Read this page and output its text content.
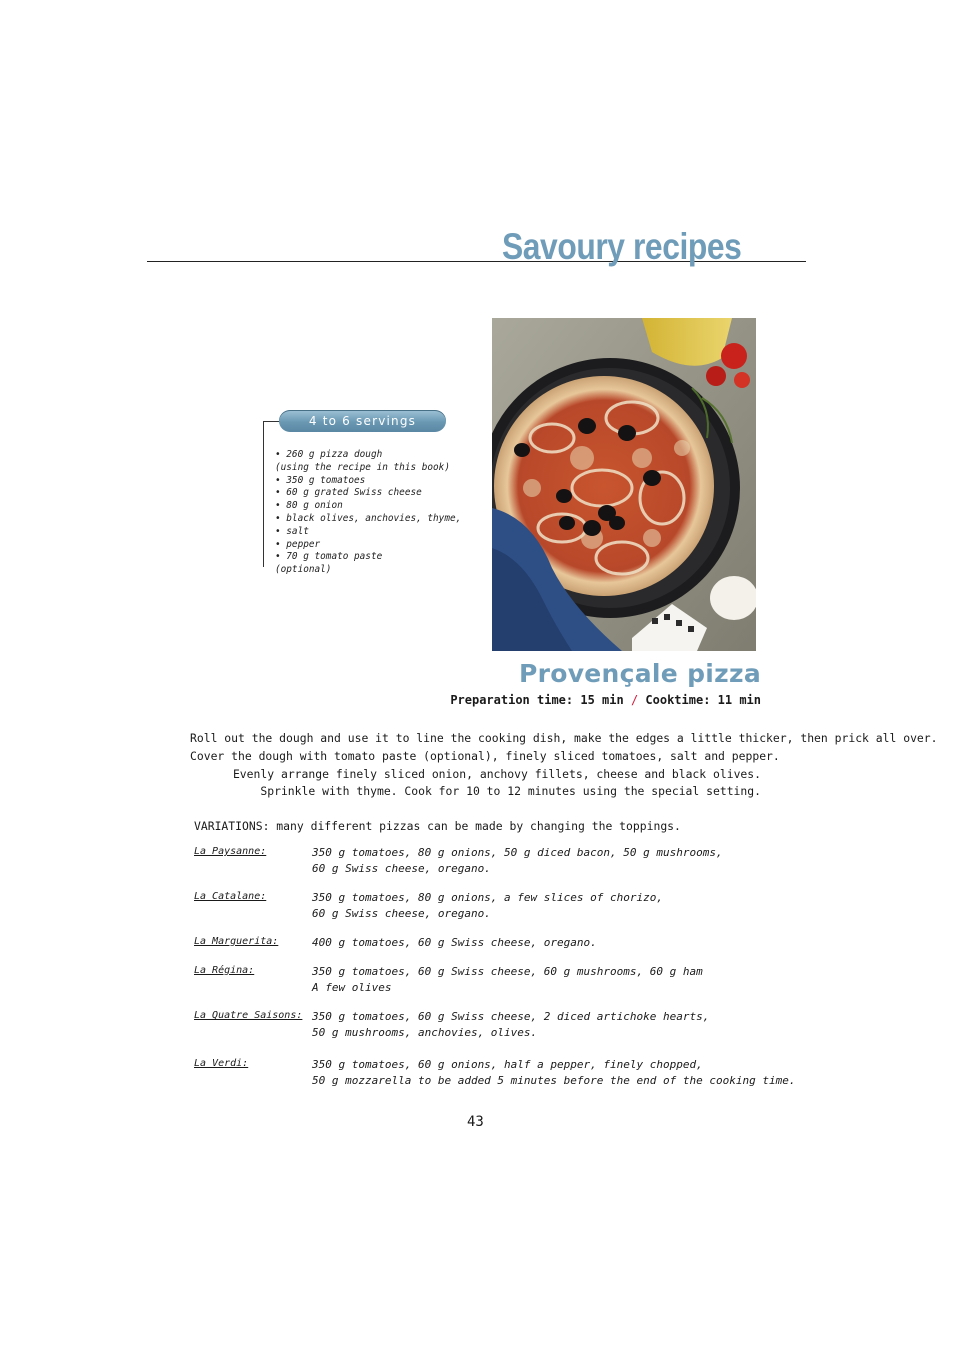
Savoury recipes
4 to 6 servings
• 260 g pizza dough
(using the recipe in this book)
• 350 g tomatoes
• 60 g grated Swiss cheese
• 80 g onion
• black olives, anchovies, thyme,
• salt
• pepper
• 70 g tomato paste
(optional)
Provençale pizza
Preparation time: 15 min / Cooktime: 11 min
Roll out the dough and use it to line the cooking dish, make the edges a little thicker, then prick all over.
Cover the dough with tomato paste (optional), finely sliced tomatoes, salt and pepper.
Evenly arrange finely sliced onion, anchovy fillets, cheese and black olives.
Sprinkle with thyme. Cook for 10 to 12 minutes using the special setting.
VARIATIONS: many different pizzas can be made by changing the toppings.
La Paysanne:	350 g tomatoes, 80 g onions, 50 g diced bacon, 50 g mushrooms,
60 g Swiss cheese, oregano.
La Catalane:	350 g tomatoes, 80 g onions, a few slices of chorizo,
60 g Swiss cheese, oregano.
La Marguerita:	400 g tomatoes, 60 g Swiss cheese, oregano.
La Régina:	350 g tomatoes, 60 g Swiss cheese, 60 g mushrooms, 60 g ham
A few olives
La Quatre Saisons: 350 g tomatoes, 60 g Swiss cheese, 2 diced artichoke hearts,
50 g mushrooms, anchovies, olives.
La Verdi:	350 g tomatoes, 60 g onions, half a pepper, finely chopped,
50 g mozzarella to be added 5 minutes before the end of the cooking time.
43
